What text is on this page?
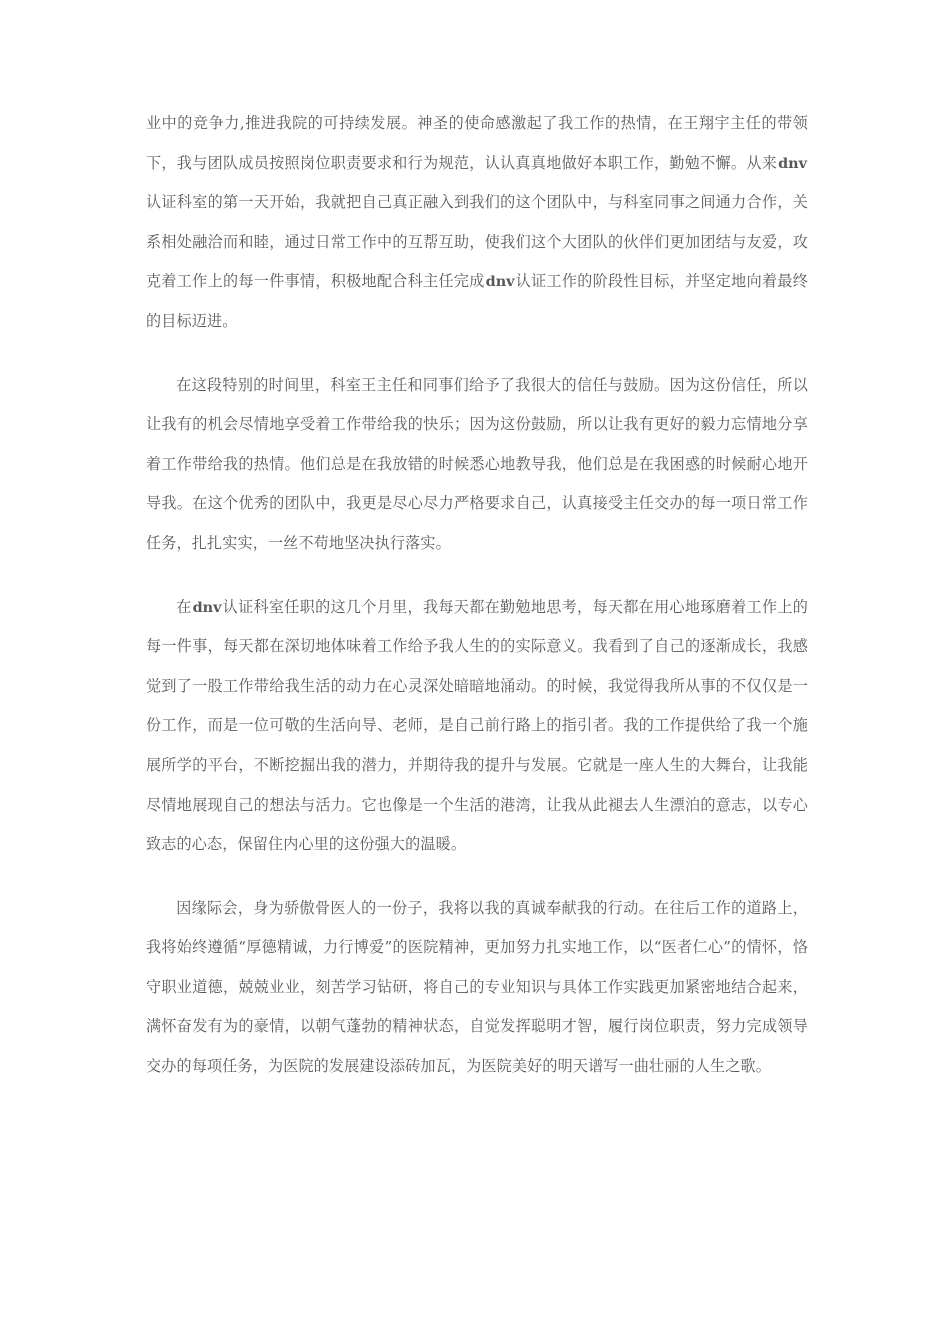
业中的竞争力,推进我院的可持续发展。神圣的使命感激起了我工作的热情，在王翔宇主任的带领下，我与团队成员按照岗位职责要求和行为规范，认认真真地做好本职工作，勤勉不懈。从来dnv认证科室的第一天开始，我就把自己真正融入到我们的这个团队中，与科室同事之间通力合作，关系相处融洽而和睦，通过日常工作中的互帮互助，使我们这个大团队的伙伴们更加团结与友爱，攻克着工作上的每一件事情，积极地配合科主任完成dnv认证工作的阶段性目标，并坚定地向着最终的目标迈进。

在这段特别的时间里，科室王主任和同事们给予了我很大的信任与鼓励。因为这份信任，所以让我有的机会尽情地享受着工作带给我的快乐；因为这份鼓励，所以让我有更好的毅力忘情地分享着工作带给我的热情。他们总是在我放错的时候悉心地教导我，他们总是在我困惑的时候耐心地开导我。在这个优秀的团队中，我更是尽心尽力严格要求自己，认真接受主任交办的每一项日常工作任务，扎扎实实，一丝不苟地坚决执行落实。

在dnv认证科室任职的这几个月里，我每天都在勤勉地思考，每天都在用心地琢磨着工作上的每一件事，每天都在深切地体味着工作给予我人生的的实际意义。我看到了自己的逐渐成长，我感觉到了一股工作带给我生活的动力在心灵深处暗暗地涌动。的时候，我觉得我所从事的不仅仅是一份工作，而是一位可敬的生活向导、老师，是自己前行路上的指引者。我的工作提供给了我一个施展所学的平台，不断挖掘出我的潜力，并期待我的提升与发展。它就是一座人生的大舞台，让我能尽情地展现自己的想法与活力。它也像是一个生活的港湾，让我从此褪去人生漂泊的意志，以专心致志的心态，保留住内心里的这份强大的温暖。

因缘际会，身为骄傲骨医人的一份子，我将以我的真诚奉献我的行动。在往后工作的道路上，我将始终遵循“厚德精诚，力行博爱”的医院精神，更加努力扎实地工作，以“医者仁心”的情怀，恪守职业道德，兢兢业业，刻苦学习钻研，将自己的专业知识与具体工作实践更加紧密地结合起来，满怀奋发有为的豪情，以朝气蓬勃的精神状态，自觉发挥聪明才智，履行岗位职责，努力完成领导交办的每项任务，为医院的发展建设添砖加瓦，为医院美好的明天谱写一曲壮丽的人生之歌。
